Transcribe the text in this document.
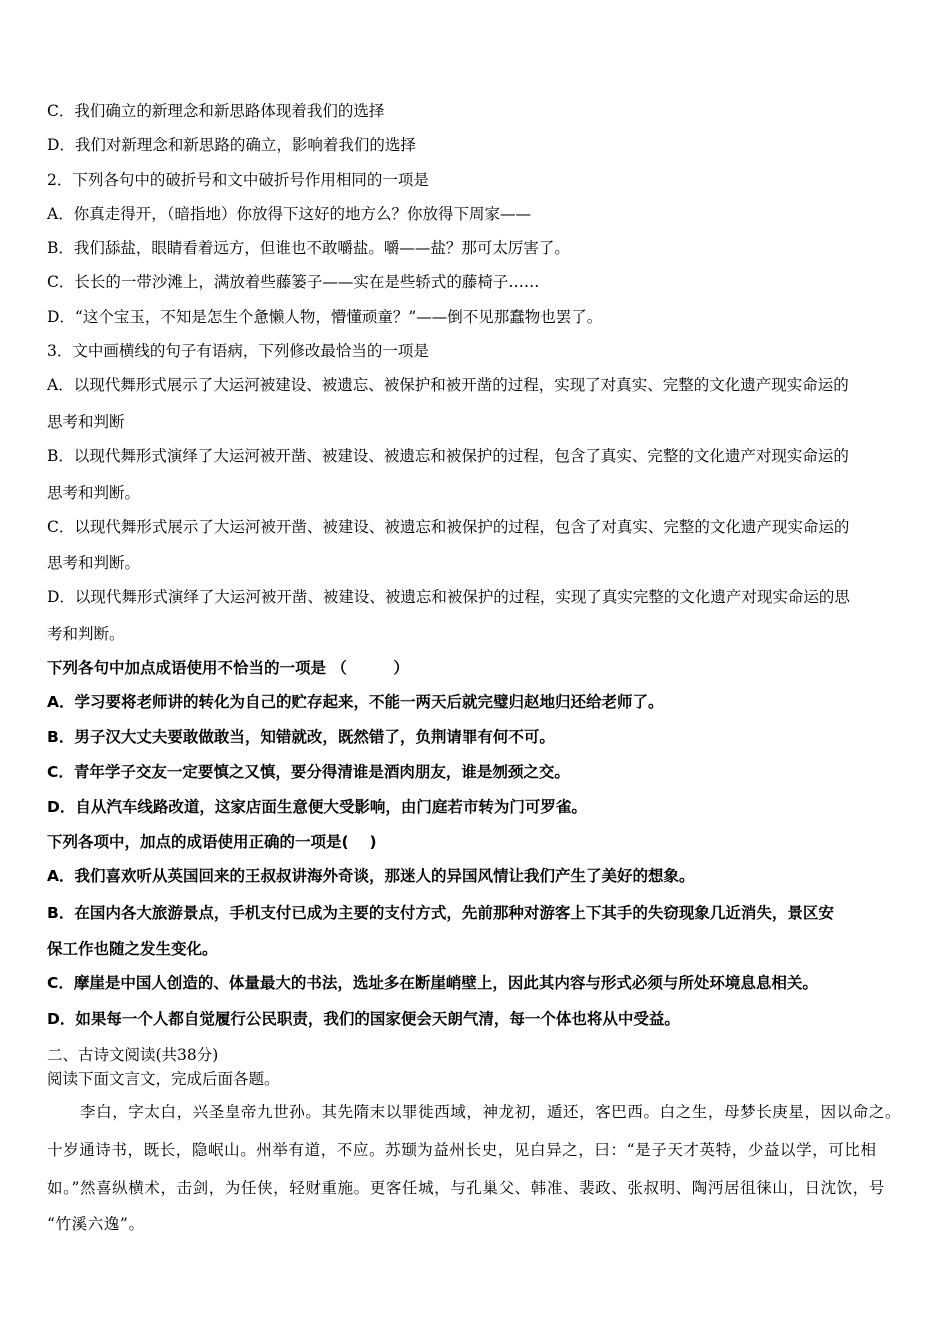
C．我们确立的新理念和新思路体现着我们的选择
D．我们对新理念和新思路的确立，影响着我们的选择
2．下列各句中的破折号和文中破折号作用相同的一项是
A．你真走得开，（暗指地）你放得下这好的地方么？你放得下周家——
B．我们舔盐，眼睛看着远方，但谁也不敢嚼盐。嚼——盐？那可太厉害了。
C．长长的一带沙滩上，满放着些藤篓子——实在是些轿式的藤椅子……
D．“这个宝玉，不知是怎生个惫懒人物，懵懂顽童？”——倒不见那蠢物也罢了。
3．文中画横线的句子有语病，下列修改最恰当的一项是
A．以现代舞形式展示了大运河被建设、被遗忘、被保护和被开凿的过程，实现了对真实、完整的文化遗产现实命运的
思考和判断
B．以现代舞形式演绎了大运河被开凿、被建设、被遗忘和被保护的过程，包含了真实、完整的文化遗产对现实命运的
思考和判断。
C．以现代舞形式展示了大运河被开凿、被建设、被遗忘和被保护的过程，包含了对真实、完整的文化遗产现实命运的
思考和判断。
D．以现代舞形式演绎了大运河被开凿、被建设、被遗忘和被保护的过程，实现了真实完整的文化遗产对现实命运的思
考和判断。
下列各句中加点成语使用不恰当的一项是 （　　　）
A．学习要将老师讲的转化为自己的贮存起来，不能一两天后就完璧归赵地归还给老师了。
B．男子汉大丈夫要敢做敢当，知错就改，既然错了，负荆请罪有何不可。
C．青年学子交友一定要慎之又慎，要分得清谁是酒肉朋友，谁是刎颈之交。
D．自从汽车线路改道，这家店面生意便大受影响，由门庭若市转为门可罗雀。
下列各项中，加点的成语使用正确的一项是(　 )
A．我们喜欢听从英国回来的王叔叔讲海外奇谈，那迷人的异国风情让我们产生了美好的想象。
B．在国内各大旅游景点，手机支付已成为主要的支付方式，先前那种对游客上下其手的失窃现象几近消失，景区安
保工作也随之发生变化。
C．摩崖是中国人创造的、体量最大的书法，选址多在断崖峭壁上，因此其内容与形式必须与所处环境息息相关。
D．如果每一个人都自觉履行公民职责，我们的国家便会天朗气清，每一个体也将从中受益。
二、古诗文阅读(共38分)
阅读下面文言文，完成后面各题。
李白，字太白，兴圣皇帝九世孙。其先隋末以罪徙西域，神龙初，遁还，客巴西。白之生，母梦长庚星，因以命之。
十岁通诗书，既长，隐岷山。州举有道，不应。苏颋为益州长史，见白异之，曰：“是子天才英特，少益以学，可比相
如。”然喜纵横术，击剑，为任侠，轻财重施。更客任城，与孔巢父、韩准、裴政、张叔明、陶沔居徂徕山，日沈饮，号
“竹溪六逸”。
